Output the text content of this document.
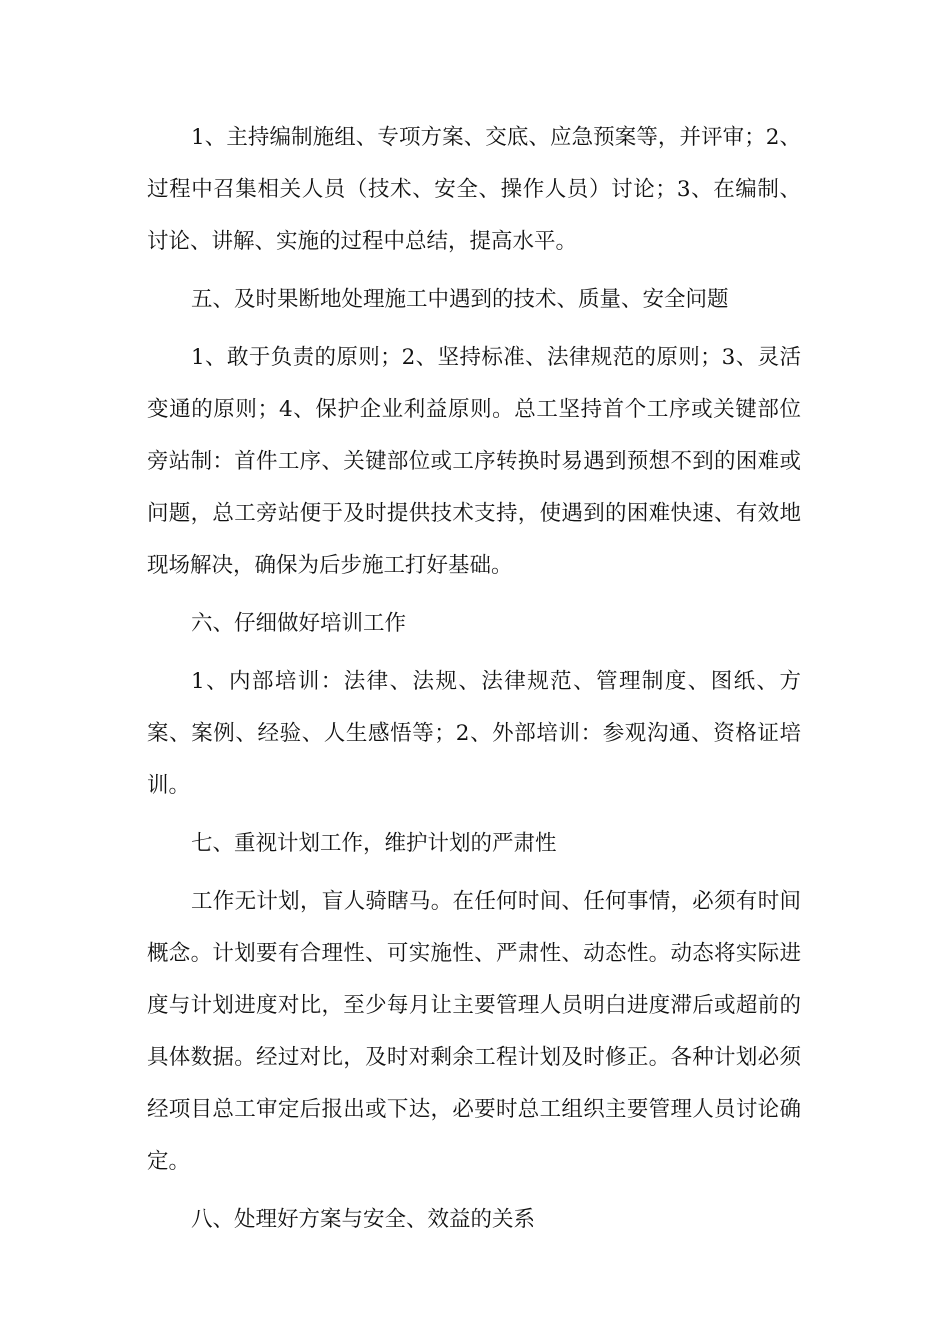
1、主持编制施组、专项方案、交底、应急预案等，并评审；2、过程中召集相关人员（技术、安全、操作人员）讨论；3、在编制、讨论、讲解、实施的过程中总结，提高水平。

五、及时果断地处理施工中遇到的技术、质量、安全问题

1、敢于负责的原则；2、坚持标准、法律规范的原则；3、灵活变通的原则；4、保护企业利益原则。总工坚持首个工序或关键部位旁站制：首件工序、关键部位或工序转换时易遇到预想不到的困难或问题，总工旁站便于及时提供技术支持，使遇到的困难快速、有效地现场解决，确保为后步施工打好基础。

六、仔细做好培训工作

1、内部培训：法律、法规、法律规范、管理制度、图纸、方案、案例、经验、人生感悟等；2、外部培训：参观沟通、资格证培训。

七、重视计划工作，维护计划的严肃性

工作无计划，盲人骑瞎马。在任何时间、任何事情，必须有时间概念。计划要有合理性、可实施性、严肃性、动态性。动态将实际进度与计划进度对比，至少每月让主要管理人员明白进度滞后或超前的具体数据。经过对比，及时对剩余工程计划及时修正。各种计划必须经项目总工审定后报出或下达，必要时总工组织主要管理人员讨论确定。

八、处理好方案与安全、效益的关系
